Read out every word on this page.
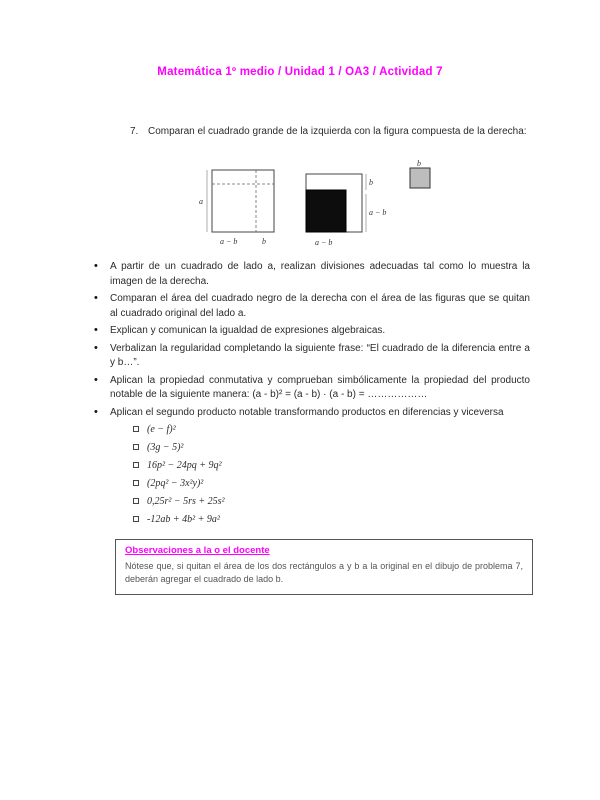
Matemática 1º medio / Unidad 1 / OA3 / Actividad 7
7. Comparan el cuadrado grande de la izquierda con la figura compuesta de la derecha:
a
a − b	b
b
a − b
a − b
b
• A partir de un cuadrado de lado a, realizan divisiones adecuadas tal como lo muestra la imagen de la derecha.
• Comparan el área del cuadrado negro de la derecha con el área de las figuras que se quitan al cuadrado original del lado a.
• Explican y comunican la igualdad de expresiones algebraicas.
• Verbalizan la regularidad completando la siguiente frase: “El cuadrado de la diferencia entre a y b…”.
• Aplican la propiedad conmutativa y comprueban simbólicamente la propiedad del producto notable de la siguiente manera: (a - b)² = (a - b) · (a - b) = ………………
• Aplican el segundo producto notable transformando productos en diferencias y viceversa
(e − f)²
(3g − 5)²
16p² − 24pq + 9q²
(2pq² − 3x²y)²
0,25r² − 5rs + 25s²
-12ab + 4b² + 9a²
Observaciones a la o el docente
Nótese que, si quitan el área de los dos rectángulos a y b a la original en el dibujo de problema 7, deberán agregar el cuadrado de lado b.
